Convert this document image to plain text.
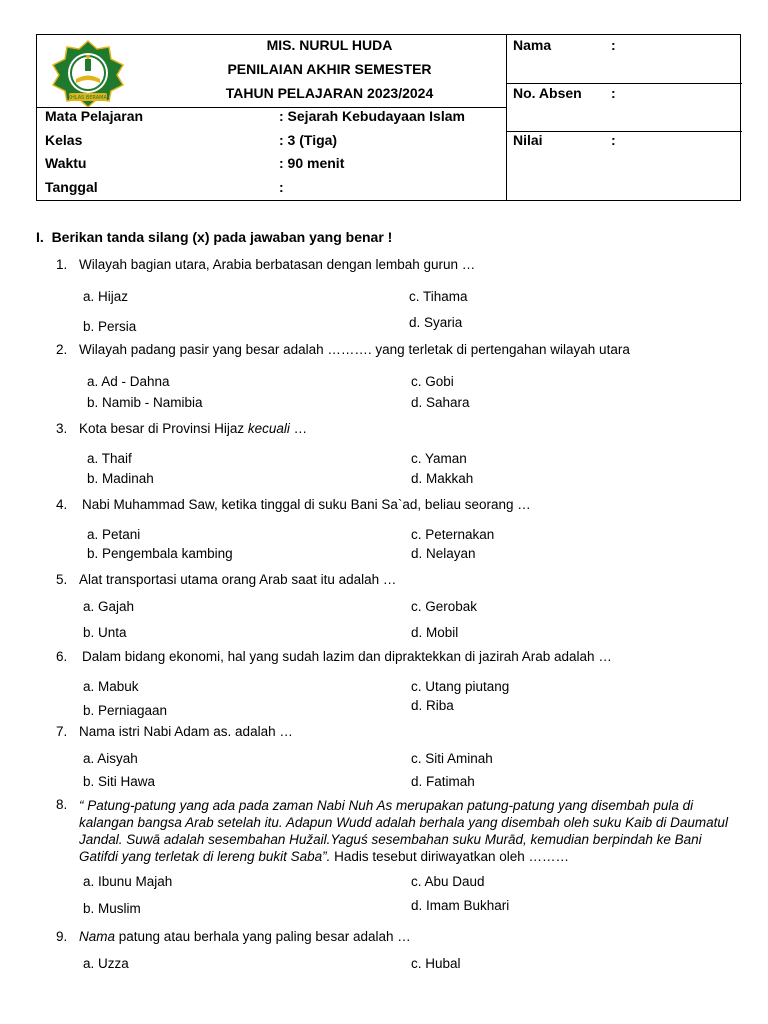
IKHLAS BERAMAL
MIS. NURUL HUDA
PENILAIAN AKHIR SEMESTER
TAHUN PELAJARAN 2023/2024
Mata Pelajaran	: Sejarah Kebudayaan Islam
Kelas	: 3 (Tiga)
Waktu	: 90 menit
Tanggal	:
Nama	:
No. Absen :
Nilai	:
I. Berikan tanda silang (x) pada jawaban yang benar !
1. Wilayah bagian utara, Arabia berbatasan dengan lembah gurun …
a. Hijaz
b. Persia
c. Tihama
d. Syaria
2. Wilayah padang pasir yang besar adalah ………. yang terletak di pertengahan wilayah utara
a. Ad - Dahna
b. Namib - Namibia
c. Gobi
d. Sahara
3. Kota besar di Provinsi Hijaz kecuali …
a. Thaif
b. Madinah
c. Yaman
d. Makkah
4. Nabi Muhammad Saw, ketika tinggal di suku Bani Sa`ad, beliau seorang …
a. Petani
b. Pengembala kambing
c. Peternakan
d. Nelayan
5. Alat transportasi utama orang Arab saat itu adalah …
a. Gajah
b. Unta
c. Gerobak
d. Mobil
6. Dalam bidang ekonomi, hal yang sudah lazim dan dipraktekkan di jazirah Arab adalah …
a. Mabuk
b. Perniagaan
c. Utang piutang
d. Riba
7. Nama istri Nabi Adam as. adalah …
a. Aisyah
b. Siti Hawa
c. Siti Aminah
d. Fatimah
8. “ Patung-patung yang ada pada zaman Nabi Nuh As merupakan patung-patung yang disembah pula di kalangan bangsa Arab setelah itu. Adapun Wudd adalah berhala yang disembah oleh suku Kaib di Daumatul Jandal. Suwā adalah sesembahan Hužail.Yaguś sesembahan suku Murād, kemudian berpindah ke Bani Gatifdi yang terletak di lereng bukit Saba”. Hadis tesebut diriwayatkan oleh ………
a. Ibunu Majah
b. Muslim
c. Abu Daud
d. Imam Bukhari
9. Nama patung atau berhala yang paling besar adalah …
a. Uzza	c. Hubal
